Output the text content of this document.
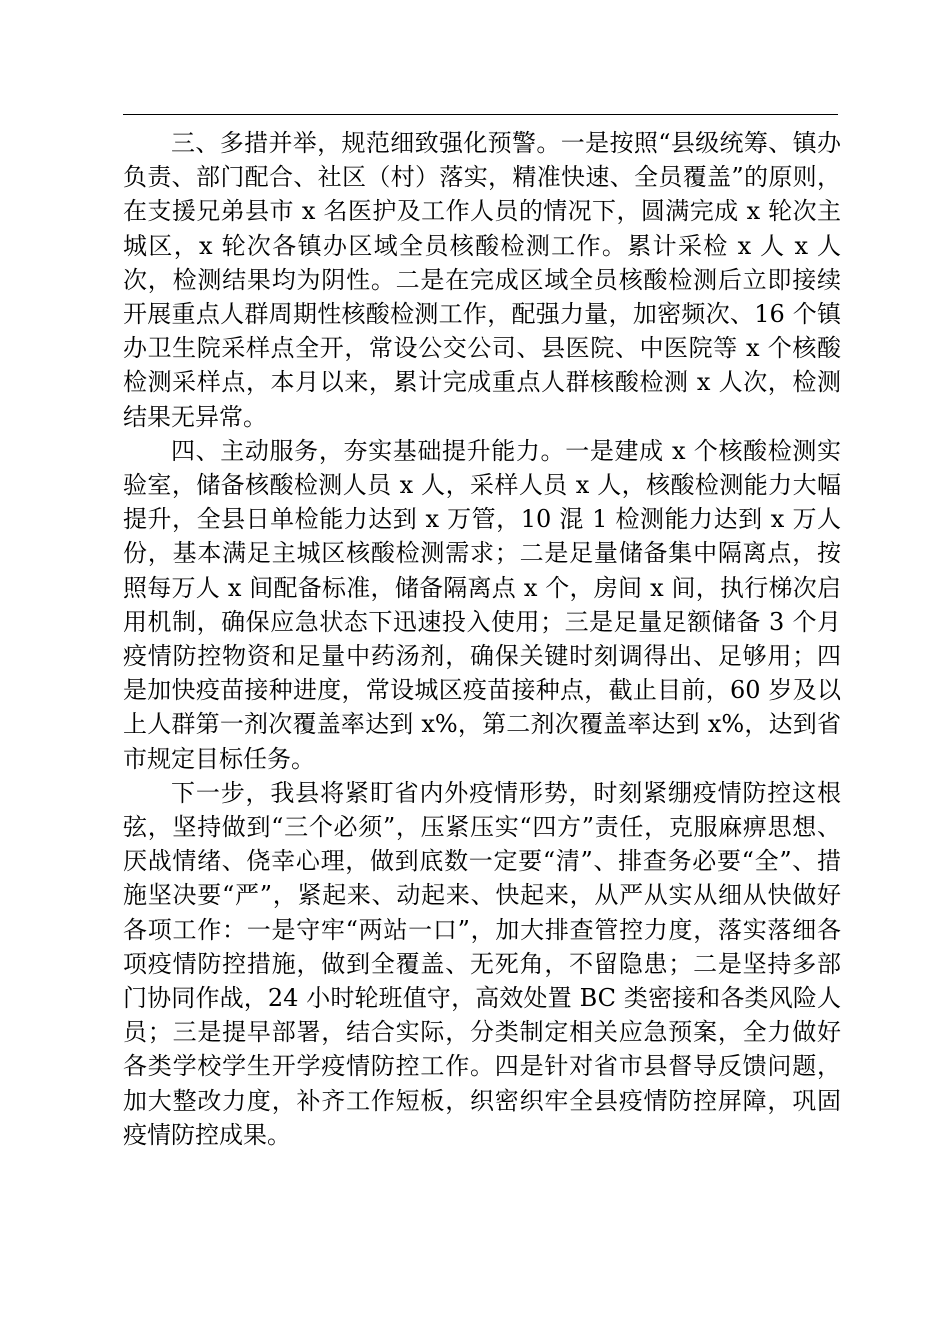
三、多措并举，规范细致强化预警。一是按照“县级统筹、镇办负责、部门配合、社区（村）落实，精准快速、全员覆盖”的原则，在支援兄弟县市 x 名医护及工作人员的情况下，圆满完成 x 轮次主城区，x 轮次各镇办区域全员核酸检测工作。累计采检 x 人 x 人次，检测结果均为阴性。二是在完成区域全员核酸检测后立即接续开展重点人群周期性核酸检测工作，配强力量，加密频次、16 个镇办卫生院采样点全开，常设公交公司、县医院、中医院等 x 个核酸检测采样点，本月以来，累计完成重点人群核酸检测 x 人次，检测结果无异常。

四、主动服务，夯实基础提升能力。一是建成 x 个核酸检测实验室，储备核酸检测人员 x 人，采样人员 x 人，核酸检测能力大幅提升，全县日单检能力达到 x 万管，10 混 1 检测能力达到 x 万人份，基本满足主城区核酸检测需求；二是足量储备集中隔离点，按照每万人 x 间配备标准，储备隔离点 x 个，房间 x 间，执行梯次启用机制，确保应急状态下迅速投入使用；三是足量足额储备 3 个月疫情防控物资和足量中药汤剂，确保关键时刻调得出、足够用；四是加快疫苗接种进度，常设城区疫苗接种点，截止目前，60 岁及以上人群第一剂次覆盖率达到 x%，第二剂次覆盖率达到 x%，达到省市规定目标任务。

下一步，我县将紧盯省内外疫情形势，时刻紧绷疫情防控这根弦，坚持做到“三个必须”，压紧压实“四方”责任，克服麻痹思想、厌战情绪、侥幸心理，做到底数一定要“清”、排查务必要“全”、措施坚决要“严”，紧起来、动起来、快起来，从严从实从细从快做好各项工作：一是守牢“两站一口”，加大排查管控力度，落实落细各项疫情防控措施，做到全覆盖、无死角，不留隐患；二是坚持多部门协同作战，24 小时轮班值守，高效处置 BC 类密接和各类风险人员；三是提早部署，结合实际，分类制定相关应急预案，全力做好各类学校学生开学疫情防控工作。四是针对省市县督导反馈问题，加大整改力度，补齐工作短板，织密织牢全县疫情防控屏障，巩固疫情防控成果。
